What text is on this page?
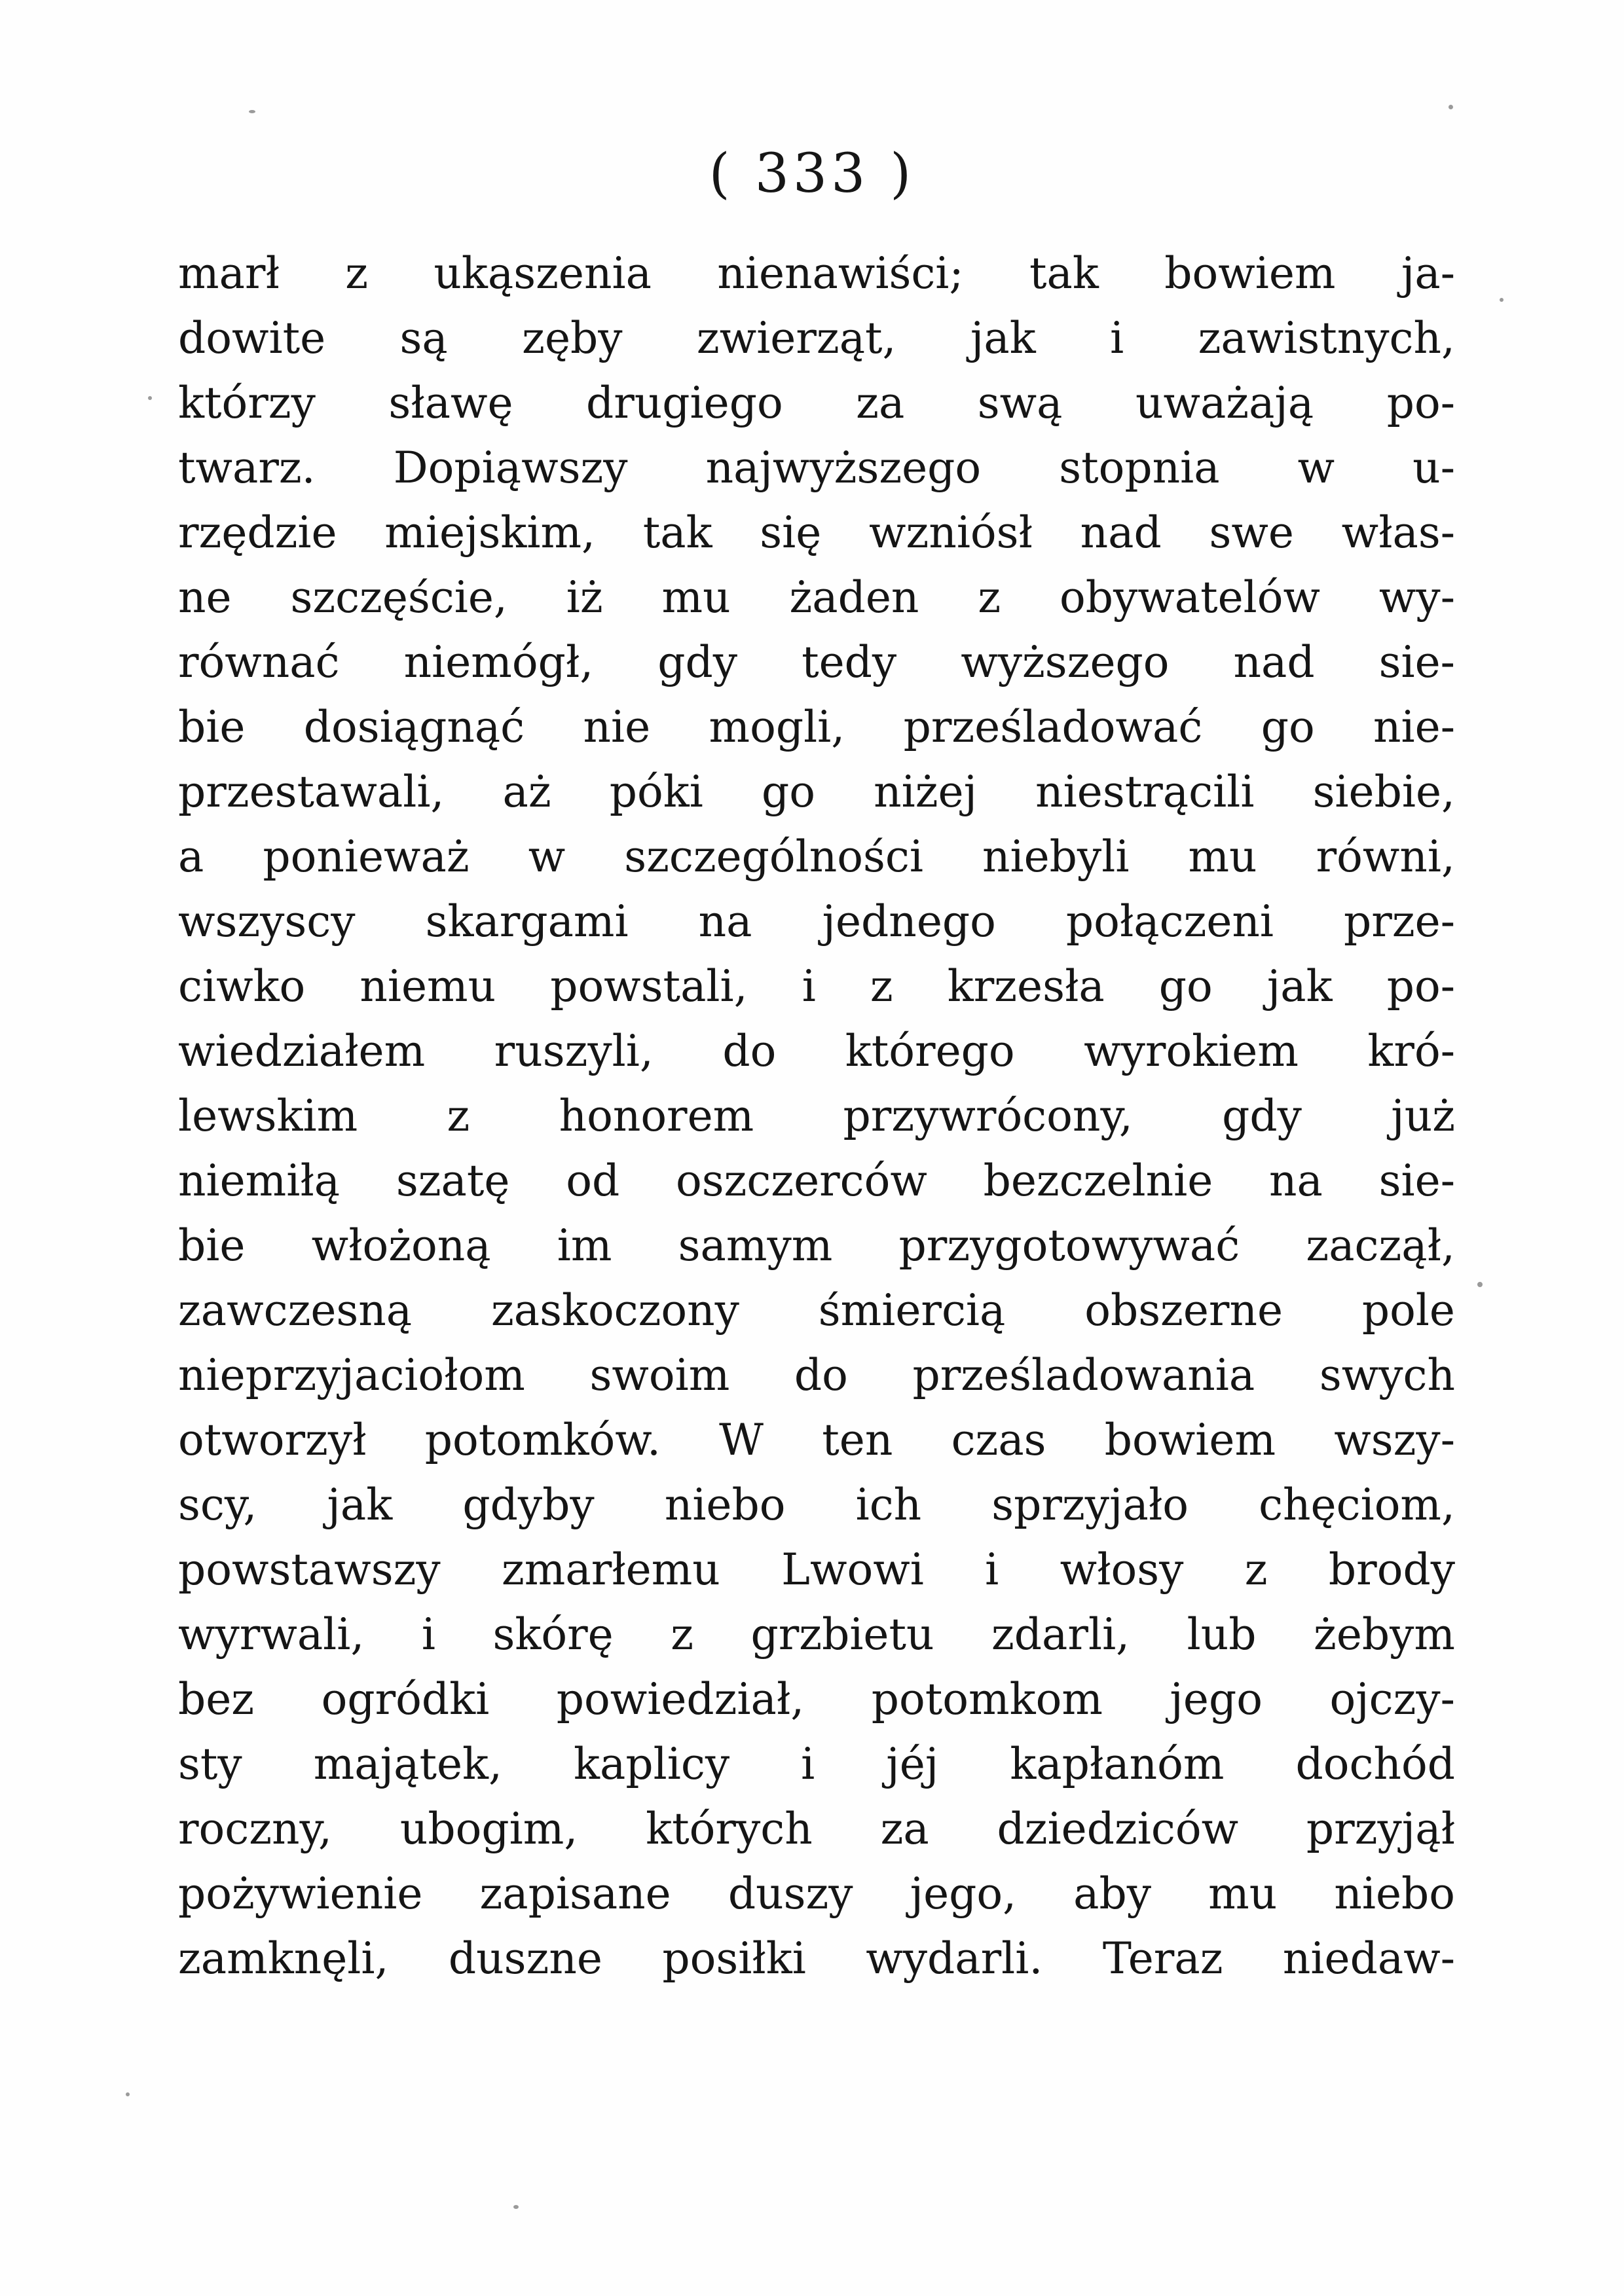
( 333 )
marł z ukąszenia nienawiści; tak bowiem ja-
dowite są zęby zwierząt, jak i zawistnych,
którzy sławę drugiego za swą uważają po-
twarz. Dopiąwszy najwyższego stopnia w u-
rzędzie miejskim, tak się wzniósł nad swe włas-
ne szczęście, iż mu żaden z obywatelów wy-
równać niemógł, gdy tedy wyższego nad sie-
bie dosiągnąć nie mogli, prześladować go nie-
przestawali, aż póki go niżej niestrącili siebie,
a ponieważ w szczególności niebyli mu równi,
wszyscy skargami na jednego połączeni prze-
ciwko niemu powstali, i z krzesła go jak po-
wiedziałem ruszyli, do którego wyrokiem kró-
lewskim z honorem przywrócony, gdy już
niemiłą szatę od oszczerców bezczelnie na sie-
bie włożoną im samym przygotowywać zaczął,
zawczesną zaskoczony śmiercią obszerne pole
nieprzyjaciołom swoim do prześladowania swych
otworzył potomków. W ten czas bowiem wszy-
scy, jak gdyby niebo ich sprzyjało chęciom,
powstawszy zmarłemu Lwowi i włosy z brody
wyrwali, i skórę z grzbietu zdarli, lub żebym
bez ogródki powiedział, potomkom jego ojczy-
sty majątek, kaplicy i jéj kapłanóm dochód
roczny, ubogim, których za dziedziców przyjął
pożywienie zapisane duszy jego, aby mu niebo
zamknęli, duszne posiłki wydarli. Teraz niedaw-
